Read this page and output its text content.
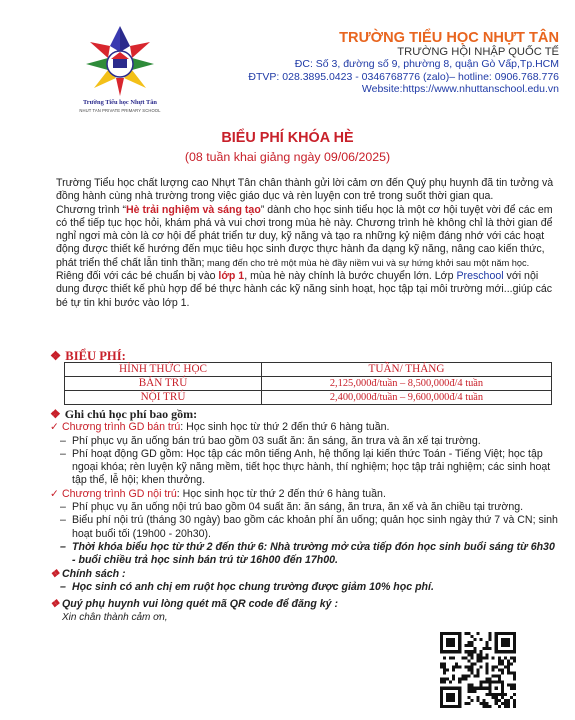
Trường Tiểu học Nhựt Tân
NHUT TAN PRIVATE PRIMARY SCHOOL
TRƯỜNG TIỂU HỌC NHỰT TÂN
TRƯỜNG HỘI NHẬP QUỐC TẾ
ĐC: Số 3, đường số 9, phường 8, quận Gò Vấp,Tp.HCM
ĐTVP: 028.3895.0423 - 0346768776 (zalo)– hotline: 0906.768.776
Website:https://www.nhuttanschool.edu.vn
BIỂU PHÍ KHÓA HÈ
(08 tuần khai giảng ngày 09/06/2025)

Trường Tiểu học chất lượng cao Nhựt Tân chân thành gửi lời cảm ơn đến Quý phụ huynh đã tin tưởng và đồng hành cùng nhà trường trong việc giáo dục và rèn luyện con trẻ trong suốt thời gian qua.

Chương trình “Hè trải nghiệm và sáng tạo” dành cho học sinh tiểu học là một cơ hội tuyệt vời để các em có thể tiếp tục học hỏi, khám phá và vui chơi trong mùa hè này. Chương trình hè không chỉ là thời gian để nghỉ ngơi mà còn là cơ hội để phát triển tư duy, kỹ năng và tạo ra những kỷ niệm đáng nhớ với các hoạt động được thiết kế hướng đến mục tiêu học sinh được thực hành đa dạng kỹ năng, nâng cao kiến thức, phát triển thể chất lẫn tinh thần; mang đến cho trẻ một mùa hè đầy niềm vui và sự hứng khởi sau một năm học.

Riêng đối với các bé chuẩn bị vào lớp 1, mùa hè này chính là bước chuyển lớn. Lớp Preschool với nội dung được thiết kế phù hợp để bé thực hành các kỹ năng sinh hoạt, học tập tại môi trường mới...giúp các bé tự tin khi bước vào lớp 1.

❖ BIỂU PHÍ:
HÌNH THỨC HỌC	TUẦN/ THÁNG
BÁN TRÚ	2,125,000đ/tuần – 8,500,000đ/4 tuần
NỘI TRÚ	2,400,000đ/tuần – 9,600,000đ/4 tuần

❖ Ghi chú học phí bao gồm:

✓ Chương trình GD bán trú: Học sinh học từ thứ 2 đến thứ 6 hàng tuần.

– Phí phục vụ ăn uống bán trú bao gồm 03 suất ăn: ăn sáng, ăn trưa và ăn xế tại trường.

– Phí hoạt động GD gồm: Học tập các môn tiếng Anh, hệ thống lại kiến thức Toán - Tiếng Việt; học tập ngoại khóa; rèn luyện kỹ năng mềm, tiết học thực hành, thí nghiệm; học tập trải nghiệm; các sinh hoạt tập thể, lễ hội; khen thưởng.

✓ Chương trình GD nội trú: Học sinh học từ thứ 2 đến thứ 6 hàng tuần.

– Phí phục vụ ăn uống nội trú bao gồm 04 suất ăn: ăn sáng, ăn trưa, ăn xế và ăn chiều tại trường.

– Biểu phí nội trú (tháng 30 ngày) bao gồm các khoản phí ăn uống; quản học sinh ngày thứ 7 và CN; sinh hoạt buổi tối (19h00 - 20h30).

– Thời khóa biểu học từ thứ 2 đến thứ 6: Nhà trường mở cửa tiếp đón học sinh buổi sáng từ 6h30 - buổi chiều trả học sinh bán trú từ 16h00 đến 17h00.

❖ Chính sách :

– Học sinh có anh chị em ruột học chung trường được giảm 10% học phí.

❖ Quý phụ huynh vui lòng quét mã QR code để đăng ký :

Xin chân thành cảm ơn,
